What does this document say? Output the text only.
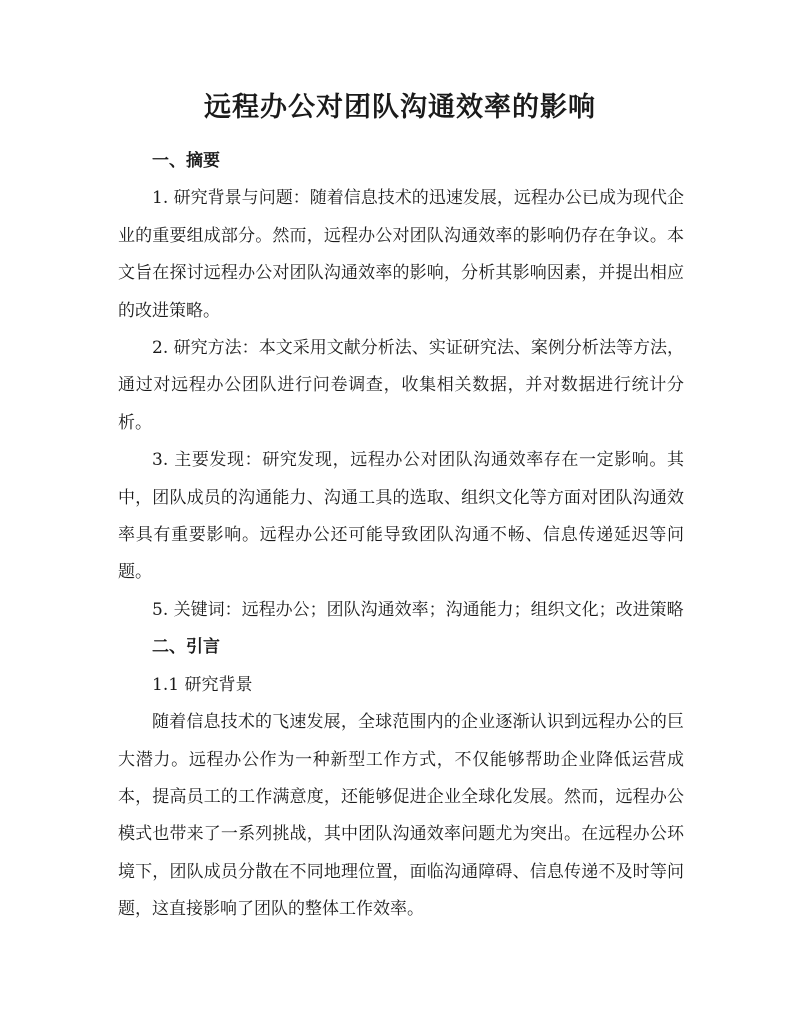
远程办公对团队沟通效率的影响

一、摘要

1. 研究背景与问题：随着信息技术的迅速发展，远程办公已成为现代企业的重要组成部分。然而，远程办公对团队沟通效率的影响仍存在争议。本文旨在探讨远程办公对团队沟通效率的影响，分析其影响因素，并提出相应的改进策略。

2. 研究方法：本文采用文献分析法、实证研究法、案例分析法等方法，通过对远程办公团队进行问卷调查，收集相关数据，并对数据进行统计分析。

3. 主要发现：研究发现，远程办公对团队沟通效率存在一定影响。其中，团队成员的沟通能力、沟通工具的选取、组织文化等方面对团队沟通效率具有重要影响。远程办公还可能导致团队沟通不畅、信息传递延迟等问题。

5. 关键词：远程办公；团队沟通效率；沟通能力；组织文化；改进策略

二、引言

1.1 研究背景

随着信息技术的飞速发展，全球范围内的企业逐渐认识到远程办公的巨大潜力。远程办公作为一种新型工作方式，不仅能够帮助企业降低运营成本，提高员工的工作满意度，还能够促进企业全球化发展。然而，远程办公模式也带来了一系列挑战，其中团队沟通效率问题尤为突出。在远程办公环境下，团队成员分散在不同地理位置，面临沟通障碍、信息传递不及时等问题，这直接影响了团队的整体工作效率。
